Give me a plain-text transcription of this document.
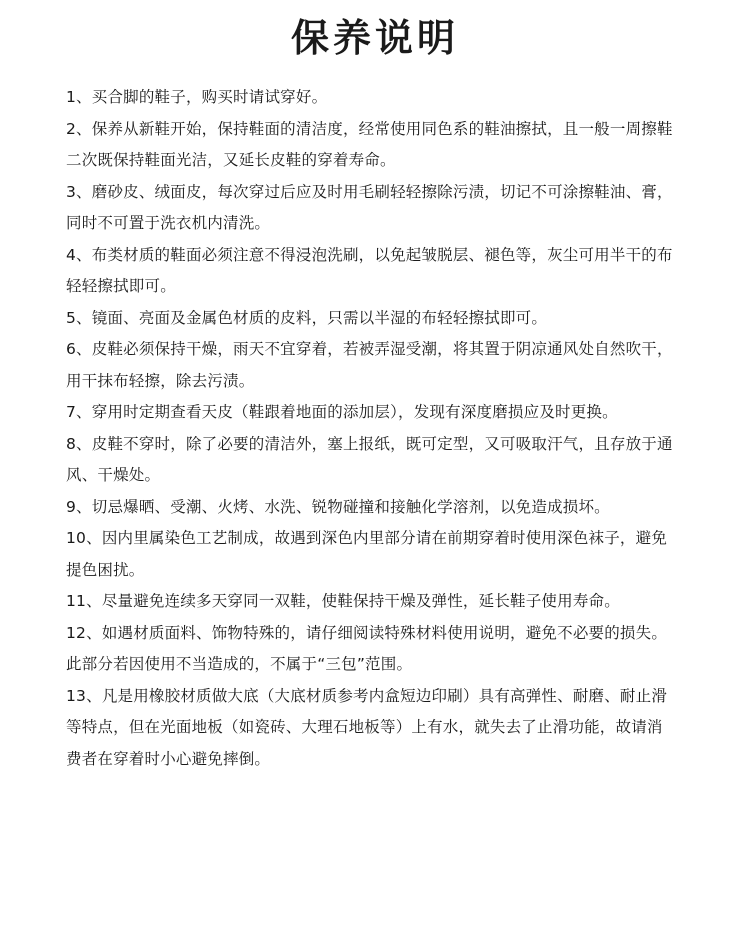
保养说明
1、买合脚的鞋子，购买时请试穿好。
2、保养从新鞋开始，保持鞋面的清洁度，经常使用同色系的鞋油擦拭，且一般一周擦鞋二次既保持鞋面光洁，又延长皮鞋的穿着寿命。
3、磨砂皮、绒面皮，每次穿过后应及时用毛刷轻轻擦除污渍，切记不可涂擦鞋油、膏，同时不可置于洗衣机内清洗。
4、布类材质的鞋面必须注意不得浸泡洗刷，以免起皱脱层、褪色等，灰尘可用半干的布轻轻擦拭即可。
5、镜面、亮面及金属色材质的皮料，只需以半湿的布轻轻擦拭即可。
6、皮鞋必须保持干燥，雨天不宜穿着，若被弄湿受潮，将其置于阴凉通风处自然吹干，用干抹布轻擦，除去污渍。
7、穿用时定期查看天皮（鞋跟着地面的添加层），发现有深度磨损应及时更换。
8、皮鞋不穿时，除了必要的清洁外，塞上报纸，既可定型，又可吸取汗气，且存放于通风、干燥处。
9、切忌爆晒、受潮、火烤、水洗、锐物碰撞和接触化学溶剂，以免造成损坏。
10、因内里属染色工艺制成，故遇到深色内里部分请在前期穿着时使用深色袜子，避免提色困扰。
11、尽量避免连续多天穿同一双鞋，使鞋保持干燥及弹性，延长鞋子使用寿命。
12、如遇材质面料、饰物特殊的，请仔细阅读特殊材料使用说明，避免不必要的损失。此部分若因使用不当造成的，不属于“三包”范围。
13、凡是用橡胶材质做大底（大底材质参考内盒短边印刷）具有高弹性、耐磨、耐止滑等特点，但在光面地板（如瓷砖、大理石地板等）上有水，就失去了止滑功能，故请消费者在穿着时小心避免摔倒。
